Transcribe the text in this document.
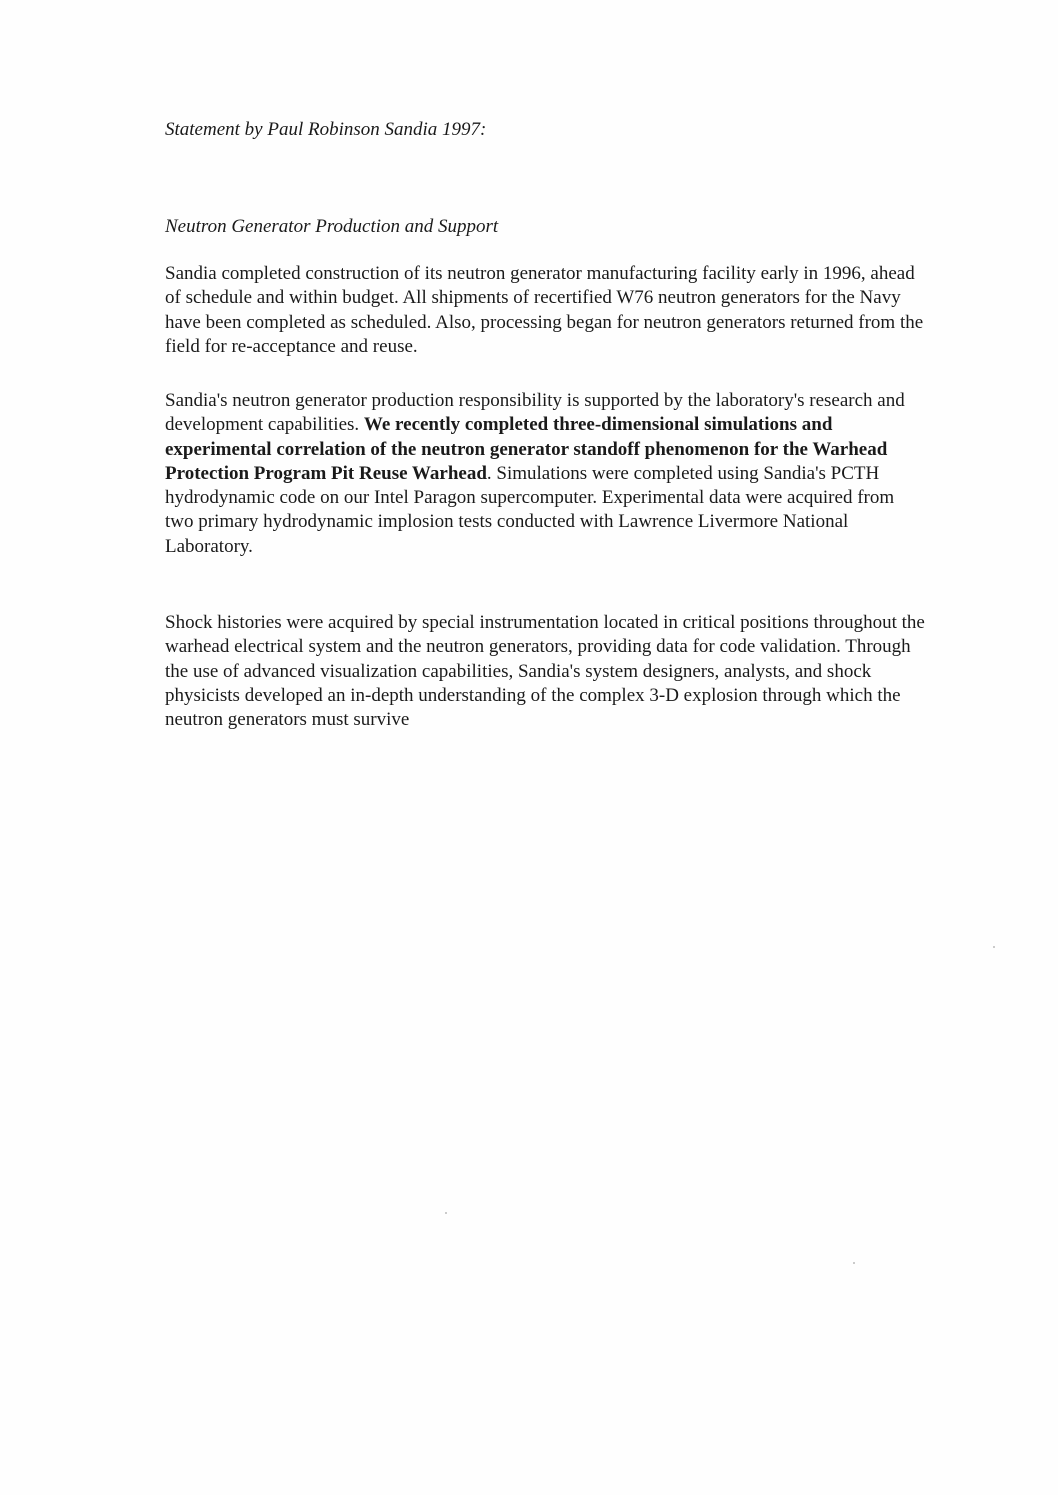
Statement by Paul Robinson Sandia 1997:
Neutron Generator Production and Support

Sandia completed construction of its neutron generator manufacturing facility early in 1996, ahead of schedule and within budget. All shipments of recertified W76 neutron generators for the Navy have been completed as scheduled. Also, processing began for neutron generators returned from the field for re-acceptance and reuse.

Sandia's neutron generator production responsibility is supported by the laboratory's research and development capabilities. We recently completed three-dimensional simulations and experimental correlation of the neutron generator standoff phenomenon for the Warhead Protection Program Pit Reuse Warhead. Simulations were completed using Sandia's PCTH hydrodynamic code on our Intel Paragon supercomputer. Experimental data were acquired from two primary hydrodynamic implosion tests conducted with Lawrence Livermore National Laboratory.

Shock histories were acquired by special instrumentation located in critical positions throughout the warhead electrical system and the neutron generators, providing data for code validation. Through the use of advanced visualization capabilities, Sandia's system designers, analysts, and shock physicists developed an in-depth understanding of the complex 3-D explosion through which the neutron generators must survive
